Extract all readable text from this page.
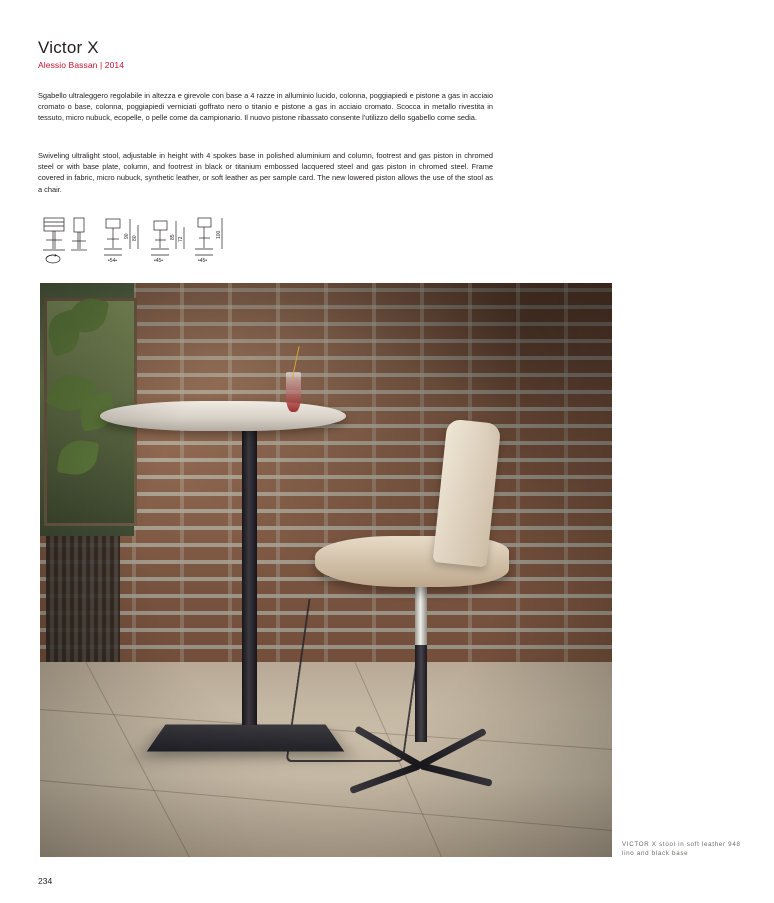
Victor X
Alessio Bassan | 2014
Sgabello ultraleggero regolabile in altezza e girevole con base a 4 razze in alluminio lucido, colonna, poggiapiedi e pistone a gas in acciaio cromato o base, colonna, poggiapiedi verniciati goffrato nero o titanio e pistone a gas in acciaio cromato. Scocca in metallo rivestita in tessuto, micro nubuck, ecopelle, o pelle come da campionario. Il nuovo pistone ribassato consente l'utilizzo dello sgabello come sedia.
Swiveling ultralight stool, adjustable in height with 4 spokes base in polished aluminium and column, footrest and gas piston in chromed steel or with base plate, column, and footrest in black or titanium embossed lacquered steel and gas piston in chromed steel. Frame covered in fabric, micro nubuck, synthetic leather, or soft leather as per sample card. The new lowered piston allows the use of the stool as a chair.
90 80
•54•
85 72
•45•
100
•45•
VICTOR X stool in soft leather 948 lino and black base
234
